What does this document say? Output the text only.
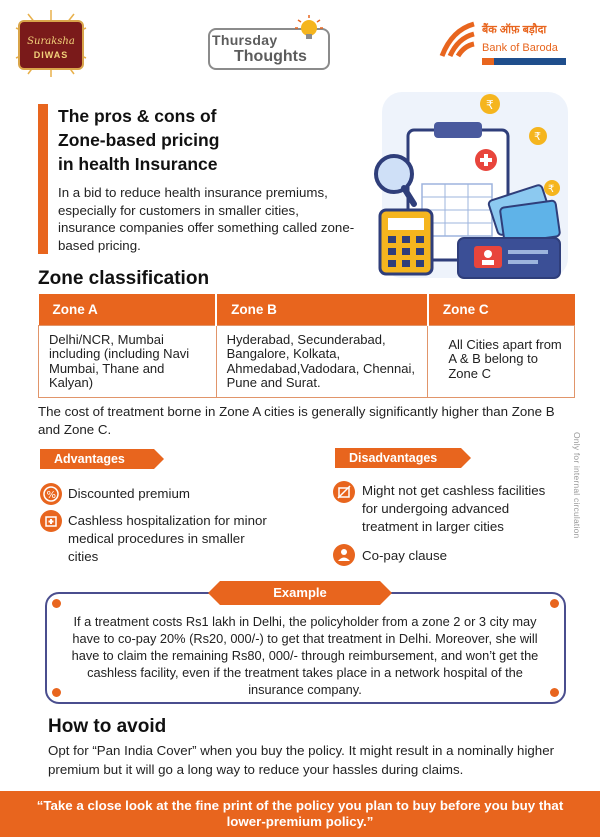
Suraksha
DIWAS
Thursday
Thoughts
बैंक ऑफ़ बड़ौदा
Bank of Baroda
The pros & cons of
Zone-based pricing
in health Insurance
In a bid to reduce health insurance premiums, especially for customers in smaller cities, insurance companies offer something called zone-based pricing.
₹
₹
₹
Zone classification
Zone A	Zone B	Zone C
Delhi/NCR, Mumbai including (including Navi Mumbai, Thane and Kalyan)	Hyderabad, Secunderabad, Bangalore, Kolkata, Ahmedabad,Vadodara, Chennai, Pune and Surat.	All Cities apart from A & B belong to Zone C
The cost of treatment borne in Zone A cities is generally significantly higher than Zone B and Zone C.
Only for internal circulation
Advantages
% Discounted premium
Cashless hospitalization for minor medical procedures in smaller cities
Disadvantages
Might not get cashless facilities for undergoing advanced treatment in larger cities
Co-pay clause
Example
If a treatment costs Rs1 lakh in Delhi, the policyholder from a zone 2 or 3 city may have to co-pay 20% (Rs20, 000/-) to get that treatment in Delhi. Moreover, she will have to claim the remaining Rs80, 000/- through reimbursement, and won’t get the cashless facility, even if the treatment takes place in a network hospital of the insurance company.
How to avoid
Opt for “Pan India Cover” when you buy the policy. It might result in a nominally higher premium but it will go a long way to reduce your hassles during claims.
“Take a close look at the fine print of the policy you plan to buy before you buy that lower-premium policy.”
